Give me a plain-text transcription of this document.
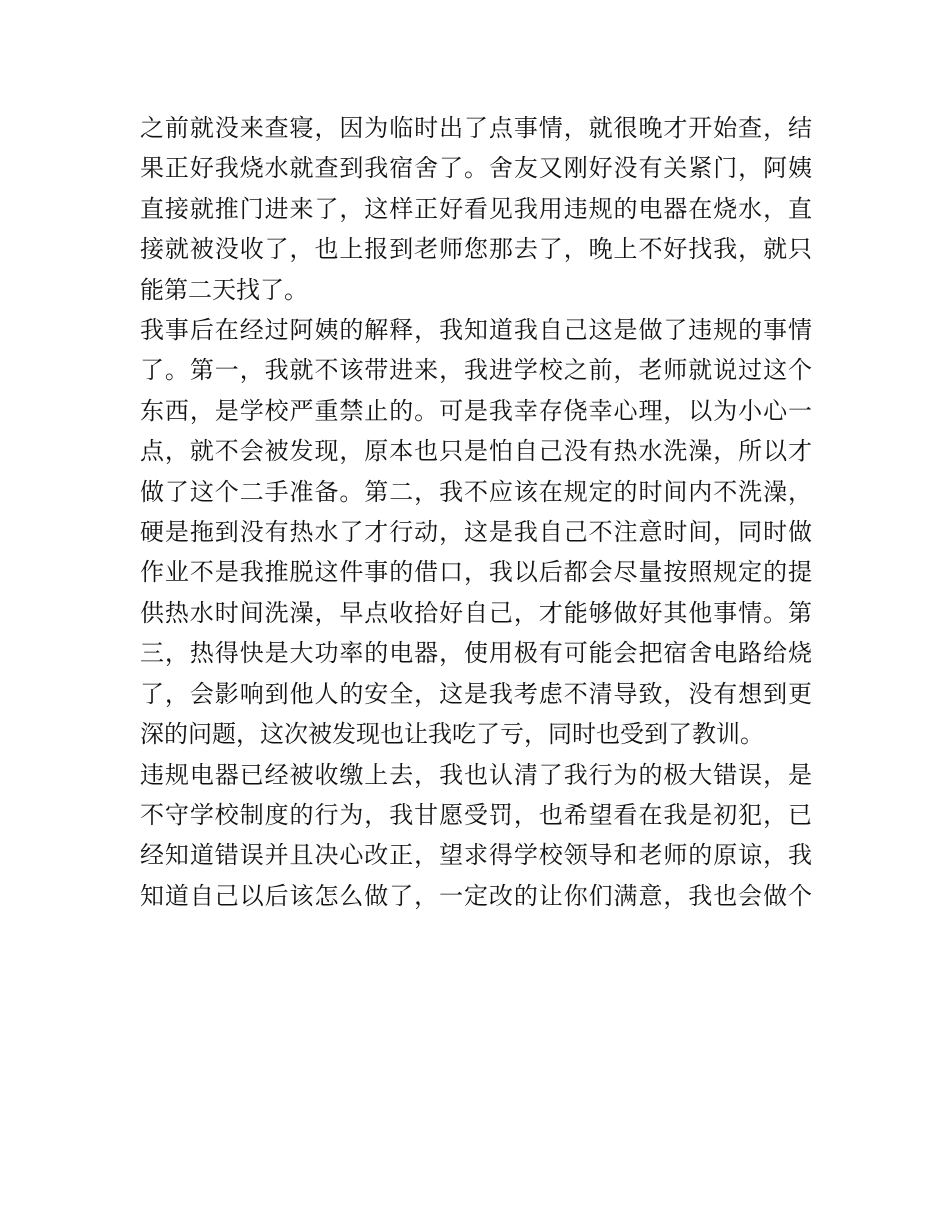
之前就没来查寝，因为临时出了点事情，就很晚才开始查，结
果正好我烧水就查到我宿舍了。舍友又刚好没有关紧门，阿姨
直接就推门进来了，这样正好看见我用违规的电器在烧水，直
接就被没收了，也上报到老师您那去了，晚上不好找我，就只
能第二天找了。
我事后在经过阿姨的解释，我知道我自己这是做了违规的事情
了。第一，我就不该带进来，我进学校之前，老师就说过这个
东西，是学校严重禁止的。可是我幸存侥幸心理，以为小心一
点，就不会被发现，原本也只是怕自己没有热水洗澡，所以才
做了这个二手准备。第二，我不应该在规定的时间内不洗澡，
硬是拖到没有热水了才行动，这是我自己不注意时间，同时做
作业不是我推脱这件事的借口，我以后都会尽量按照规定的提
供热水时间洗澡，早点收拾好自己，才能够做好其他事情。第
三，热得快是大功率的电器，使用极有可能会把宿舍电路给烧
了，会影响到他人的安全，这是我考虑不清导致，没有想到更
深的问题，这次被发现也让我吃了亏，同时也受到了教训。
违规电器已经被收缴上去，我也认清了我行为的极大错误，是
不守学校制度的行为，我甘愿受罚，也希望看在我是初犯，已
经知道错误并且决心改正，望求得学校领导和老师的原谅，我
知道自己以后该怎么做了，一定改的让你们满意，我也会做个
